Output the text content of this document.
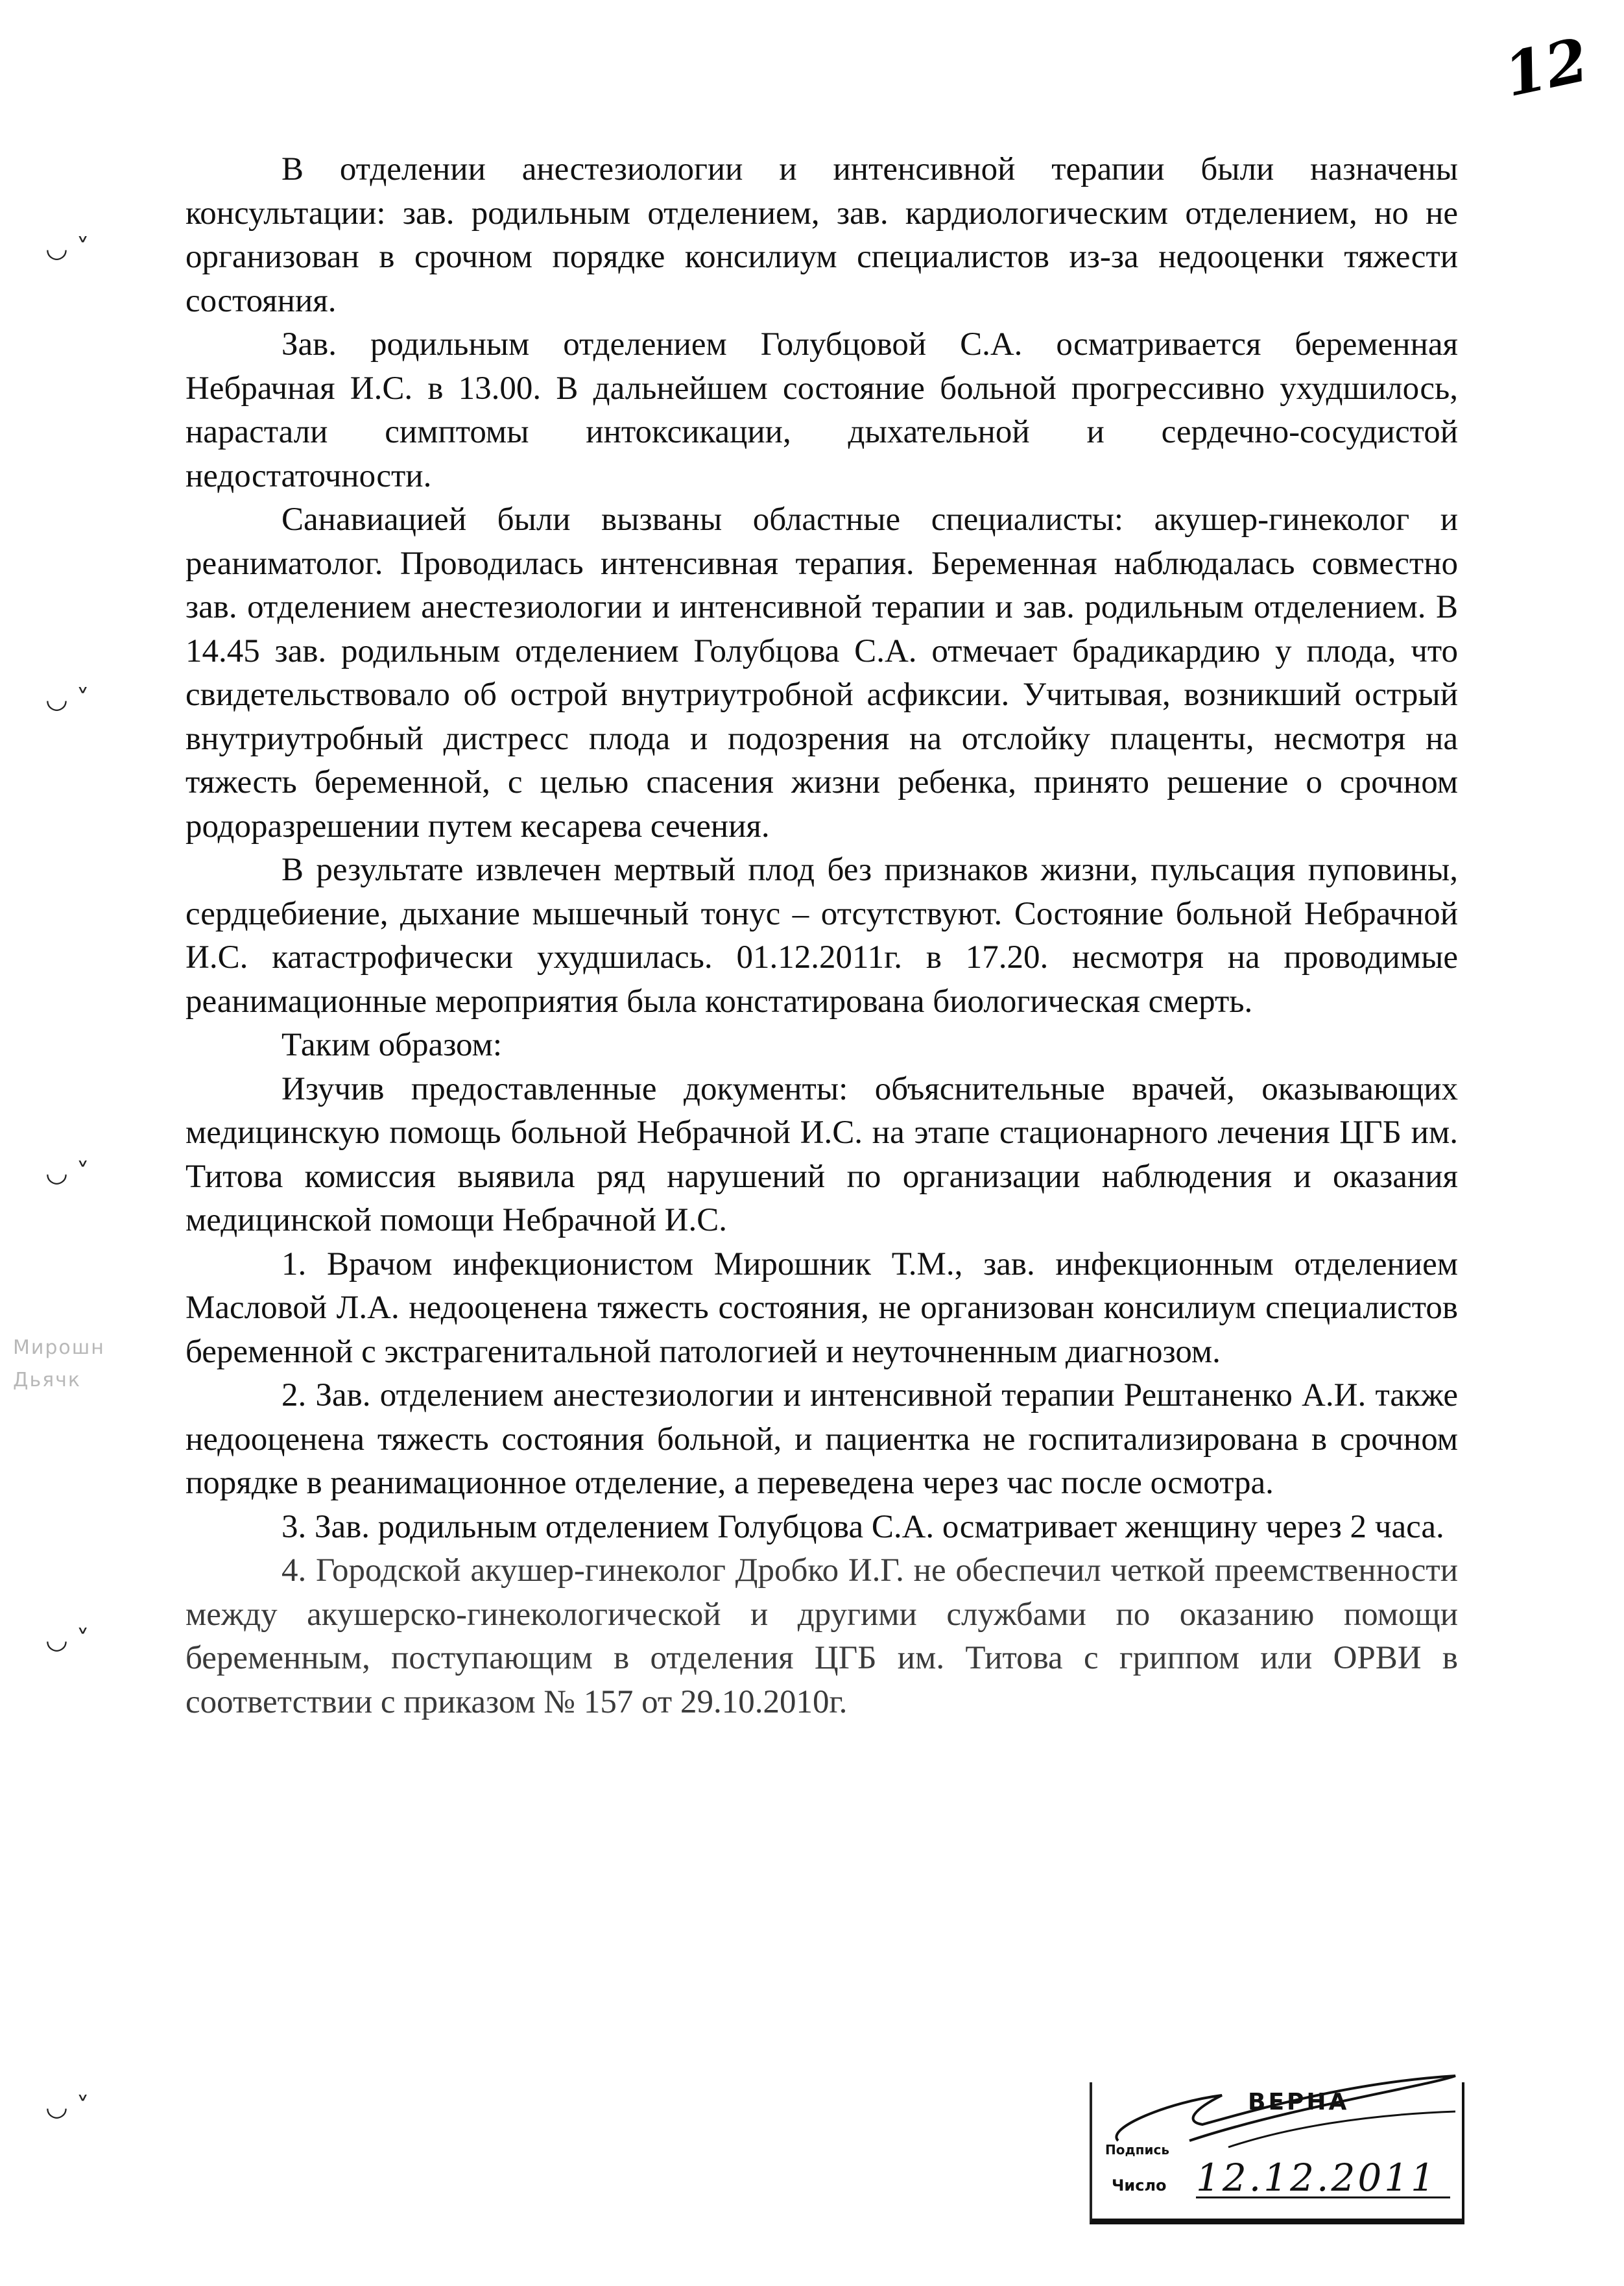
12
◡ ˅
◡ ˅
◡ ˅
◡ ˅
◡ ˅
Мирошн
Дьячк

В отделении анестезиологии и интенсивной терапии были назначены консультации: зав. родильным отделением, зав. кардиологическим отделением, но не организован в срочном порядке консилиум специалистов из-за недооценки тяжести состояния.

Зав. родильным отделением Голубцовой С.А. осматривается беременная Небрачная И.С. в 13.00. В дальнейшем состояние больной прогрессивно ухудшилось, нарастали симптомы интоксикации, дыхательной и сердечно-сосудистой недостаточности.

Санавиацией были вызваны областные специалисты: акушер-гинеколог и реаниматолог. Проводилась интенсивная терапия. Беременная наблюдалась совместно зав. отделением анестезиологии и интенсивной терапии и зав. родильным отделением. В 14.45 зав. родильным отделением Голубцова С.А. отмечает брадикардию у плода, что свидетельствовало об острой внутриутробной асфиксии. Учитывая, возникший острый внутриутробный дистресс плода и подозрения на отслойку плаценты, несмотря на тяжесть беременной, с целью спасения жизни ребенка, принято решение о срочном родоразрешении путем кесарева сечения.

В результате извлечен мертвый плод без признаков жизни, пульсация пуповины, сердцебиение, дыхание мышечный тонус – отсутствуют. Состояние больной Небрачной И.С. катастрофически ухудшилась. 01.12.2011г. в 17.20. несмотря на проводимые реанимационные мероприятия была констатирована биологическая смерть.

Таким образом:

Изучив предоставленные документы: объяснительные врачей, оказывающих медицинскую помощь больной Небрачной И.С. на этапе стационарного лечения ЦГБ им. Титова комиссия выявила ряд нарушений по организации наблюдения и оказания медицинской помощи Небрачной И.С.

1. Врачом инфекционистом Мирошник Т.М., зав. инфекционным отделением Масловой Л.А. недооценена тяжесть состояния, не организован консилиум специалистов беременной с экстрагенитальной патологией и неуточненным диагнозом.

2. Зав. отделением анестезиологии и интенсивной терапии Рештаненко А.И. также недооценена тяжесть состояния больной, и пациентка не госпитализирована в срочном порядке в реанимационное отделение, а переведена через час после осмотра.

3. Зав. родильным отделением Голубцова С.А. осматривает женщину через 2 часа.

4. Городской акушер-гинеколог Дробко И.Г. не обеспечил четкой преемственности между акушерско-гинекологической и другими службами по оказанию помощи беременным, поступающим в отделения ЦГБ им. Титова с гриппом или ОРВИ в соответствии с приказом № 157 от 29.10.2010г.

ВЕРНА
Подпись
Число 12.12.2011
